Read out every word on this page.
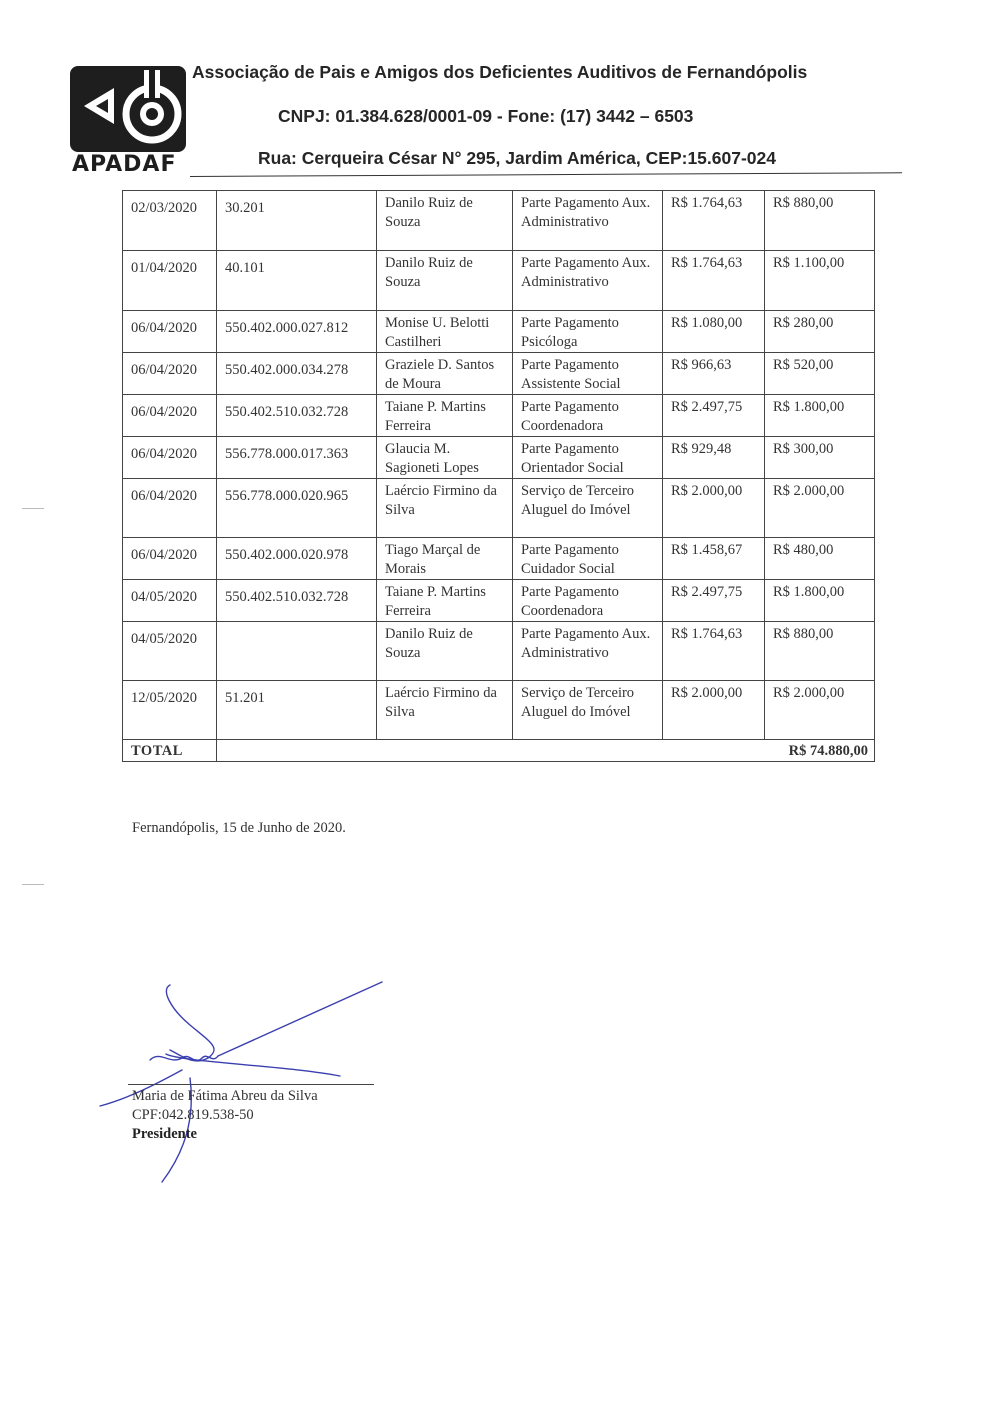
APADAF
Associação de Pais e Amigos dos Deficientes Auditivos de Fernandópolis
CNPJ: 01.384.628/0001-09 - Fone: (17) 3442 – 6503
Rua: Cerqueira César N° 295, Jardim América, CEP:15.607-024
02/03/2020	30.201	Danilo Ruiz de Souza	Parte Pagamento Aux. Administrativo	R$ 1.764,63	R$ 880,00
01/04/2020	40.101	Danilo Ruiz de Souza	Parte Pagamento Aux. Administrativo	R$ 1.764,63	R$ 1.100,00
06/04/2020	550.402.000.027.812	Monise U. Belotti Castilheri	Parte Pagamento Psicóloga	R$ 1.080,00	R$ 280,00
06/04/2020	550.402.000.034.278	Graziele D. Santos de Moura	Parte Pagamento Assistente Social	R$ 966,63	R$ 520,00
06/04/2020	550.402.510.032.728	Taiane P. Martins Ferreira	Parte Pagamento Coordenadora	R$ 2.497,75	R$ 1.800,00
06/04/2020	556.778.000.017.363	Glaucia M. Sagioneti Lopes	Parte Pagamento Orientador Social	R$ 929,48	R$ 300,00
06/04/2020	556.778.000.020.965	Laércio Firmino da Silva	Serviço de Terceiro Aluguel do Imóvel	R$ 2.000,00	R$ 2.000,00
06/04/2020	550.402.000.020.978	Tiago Marçal de Morais	Parte Pagamento Cuidador Social	R$ 1.458,67	R$ 480,00
04/05/2020	550.402.510.032.728	Taiane P. Martins Ferreira	Parte Pagamento Coordenadora	R$ 2.497,75	R$ 1.800,00
04/05/2020		Danilo Ruiz de Souza	Parte Pagamento Aux. Administrativo	R$ 1.764,63	R$ 880,00
12/05/2020	51.201	Laércio Firmino da Silva	Serviço de Terceiro Aluguel do Imóvel	R$ 2.000,00	R$ 2.000,00
TOTAL	R$ 74.880,00				
Fernandópolis, 15 de Junho de 2020.
Maria de Fátima Abreu da Silva
CPF:042.819.538-50
Presidente
